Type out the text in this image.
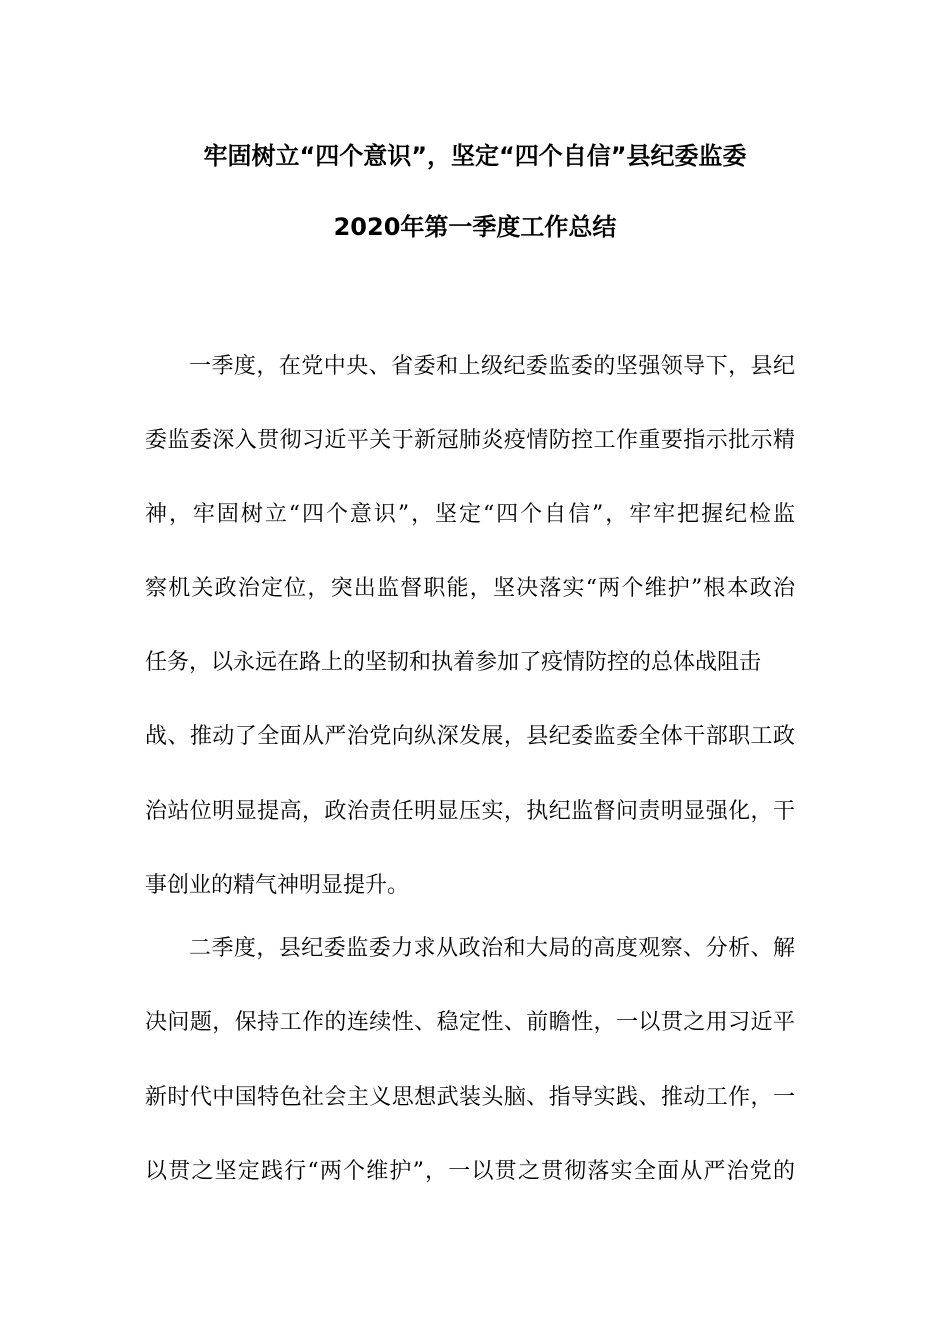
牢固树立“四个意识”，坚定“四个自信”县纪委监委
2020年第一季度工作总结
一季度，在党中央、省委和上级纪委监委的坚强领导下，县纪
委监委深入贯彻习近平关于新冠肺炎疫情防控工作重要指示批示精
神，牢固树立“四个意识”，坚定“四个自信”，牢牢把握纪检监
察机关政治定位，突出监督职能，坚决落实“两个维护”根本政治
任务，以永远在路上的坚韧和执着参加了疫情防控的总体战阻击
战、推动了全面从严治党向纵深发展，县纪委监委全体干部职工政
治站位明显提高，政治责任明显压实，执纪监督问责明显强化，干
事创业的精气神明显提升。
二季度，县纪委监委力求从政治和大局的高度观察、分析、解
决问题，保持工作的连续性、稳定性、前瞻性，一以贯之用习近平
新时代中国特色社会主义思想武装头脑、指导实践、推动工作，一
以贯之坚定践行“两个维护”，一以贯之贯彻落实全面从严治党的
